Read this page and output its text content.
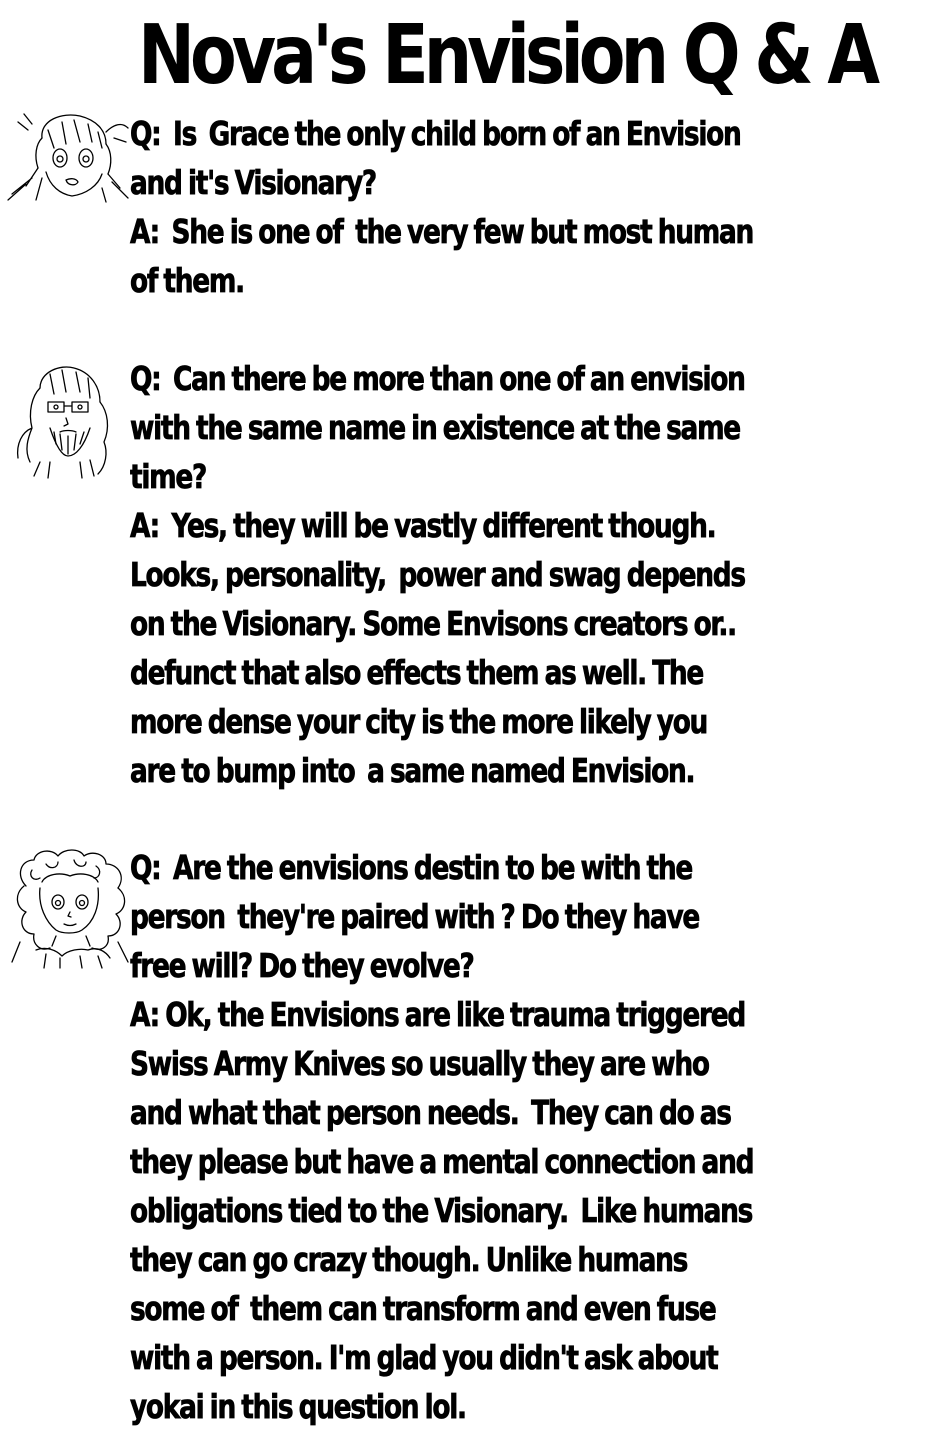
Nova's Envision Q & A
Q:  Is  Grace the only child born of an Envision
and it's Visionary?
A:  She is one of  the very few but most human
of them.
Q:  Can there be more than one of an envision
with the same name in existence at the same
time?
A:  Yes, they will be vastly different though.
Looks, personality,  power and swag depends
on the Visionary. Some Envisons creators or..
defunct that also effects them as well. The
more dense your city is the more likely you
are to bump into  a same named Envision.
Q:  Are the envisions destin to be with the
person  they're paired with ? Do they have
free will? Do they evolve?
A: Ok, the Envisions are like trauma triggered
Swiss Army Knives so usually they are who
and what that person needs.  They can do as
they please but have a mental connection and
obligations tied to the Visionary.  Like humans
they can go crazy though. Unlike humans
some of  them can transform and even fuse
with a person. I'm glad you didn't ask about
yokai in this question lol.
